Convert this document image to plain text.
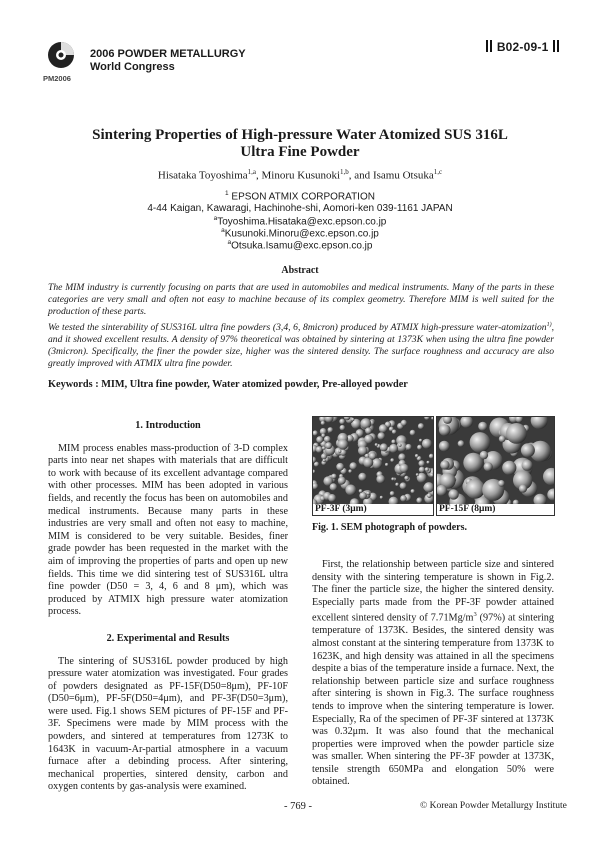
PM2006
2006 POWDER METALLURGY
World Congress
B02-09-1
Sintering Properties of High-pressure Water Atomized SUS 316L
Ultra Fine Powder
Hisataka Toyoshima$^{1,a}$, Minoru Kusunoki$^{1,b}$, and Isamu Otsuka$^{1,c}$
$^1$ EPSON ATMIX CORPORATION
4-44 Kaigan, Kawaragi, Hachinohe-shi, Aomori-ken 039-1161 JAPAN
$^a$Toyoshima.Hisataka@exc.epson.co.jp
$^a$Kusunoki.Minoru@exc.epson.co.jp
$^a$Otsuka.Isamu@exc.epson.co.jp
Abstract

The MIM industry is currently focusing on parts that are used in automobiles and medical instruments. Many of the parts in these categories are very small and often not easy to machine because of its complex geometry. Therefore MIM is well suited for the production of these parts.

We tested the sinterability of SUS316L ultra fine powders (3,4, 6, 8micron) produced by ATMIX high-pressure water-atomization$^{1)}$, and it showed excellent results. A density of 97% theoretical was obtained by sintering at 1373K when using the ultra fine powder (3micron). Specifically, the finer the powder size, higher was the sintered density. The surface roughness and accuracy are also greatly improved with ATMIX ultra fine powder.

Keywords : MIM, Ultra fine powder, Water atomized powder, Pre-alloyed powder
1. Introduction

MIM process enables mass-production of 3-D complex parts into near net shapes with materials that are difficult to work with because of its excellent advantage compared with other processes. MIM has been adopted in various fields, and recently the focus has been on automobiles and medical instruments. Because many parts in these industries are very small and often not easy to machine, MIM is considered to be very suitable. Besides, finer grade powder has been requested in the market with the aim of improving the properties of parts and open up new fields. This time we did sintering test of SUS316L ultra fine powder (D50 = 3, 4, 6 and 8 μm), which was produced by ATMIX high pressure water atomization process.

2. Experimental and Results

The sintering of SUS316L powder produced by high pressure water atomization was investigated. Four grades of powders designated as PF-15F(D50=8μm), PF-10F (D50=6μm), PF-5F(D50=4μm), and PF-3F(D50=3μm), were used. Fig.1 shows SEM pictures of PF-15F and PF-3F. Specimens were made by MIM process with the powders, and sintered at temperatures from 1273K to 1643K in vacuum-Ar-partial atmosphere in a vacuum furnace after a debinding process. After sintering, mechanical properties, sintered density, carbon and oxygen contents by gas-analysis were examined.

PF-3F (3μm)	PF-15F (8μm)
Fig. 1. SEM photograph of powders.

First, the relationship between particle size and sintered density with the sintering temperature is shown in Fig.2. The finer the particle size, the higher the sintered density. Especially parts made from the PF-3F powder attained excellent sintered density of $7.71Mg/m^3$ (97%) at sintering temperature of 1373K. Besides, the sintered density was almost constant at the sintering temperature from 1373K to 1623K, and high density was attained in all the specimens despite a bias of the temperature inside a furnace. Next, the relationship between particle size and surface roughness after sintering is shown in Fig.3. The surface roughness tends to improve when the sintering temperature is lower. Especially, Ra of the specimen of PF-3F sintered at 1373K was 0.32μm. It was also found that the mechanical properties were improved when the powder particle size was smaller. When sintering the PF-3F powder at 1373K, tensile strength 650MPa and elongation 50% were obtained.

- 769 -	© Korean Powder Metallurgy Institute
